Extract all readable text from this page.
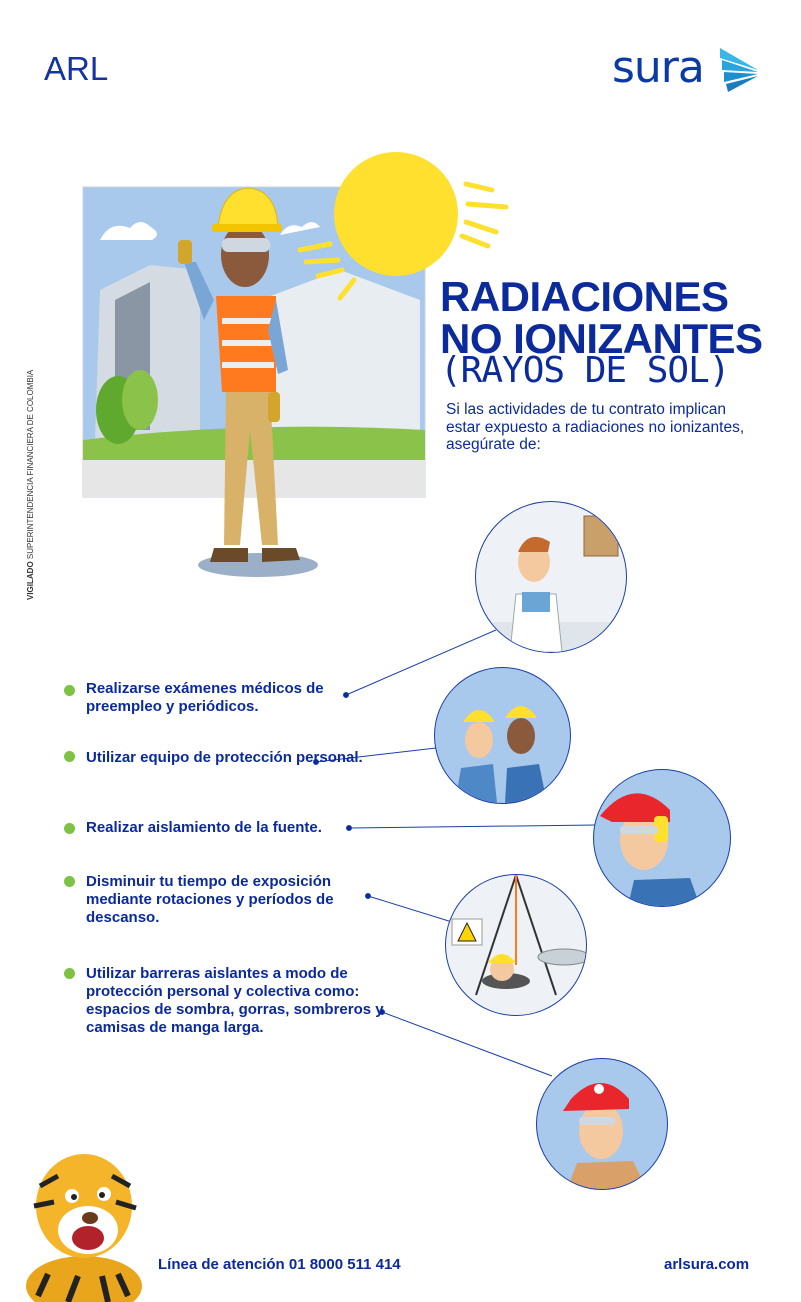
ARL	sura
RADIACIONES
NO IONIZANTES
(RAYOS DE SOL)
Si las actividades de tu contrato implican estar expuesto a radiaciones no ionizantes, asegúrate de:
VIGILADO SUPERINTENDENCIA FINANCIERA DE COLOMBIA
Realizarse exámenes médicos de preempleo y periódicos.
Utilizar equipo de protección personal.
Realizar aislamiento de la fuente.
Disminuir tu tiempo de exposición mediante rotaciones y períodos de descanso.
Utilizar barreras aislantes a modo de protección personal y colectiva como: espacios de sombra, gorras, sombreros y camisas de manga larga.
Línea de atención 01 8000 511 414	arlsura.com
